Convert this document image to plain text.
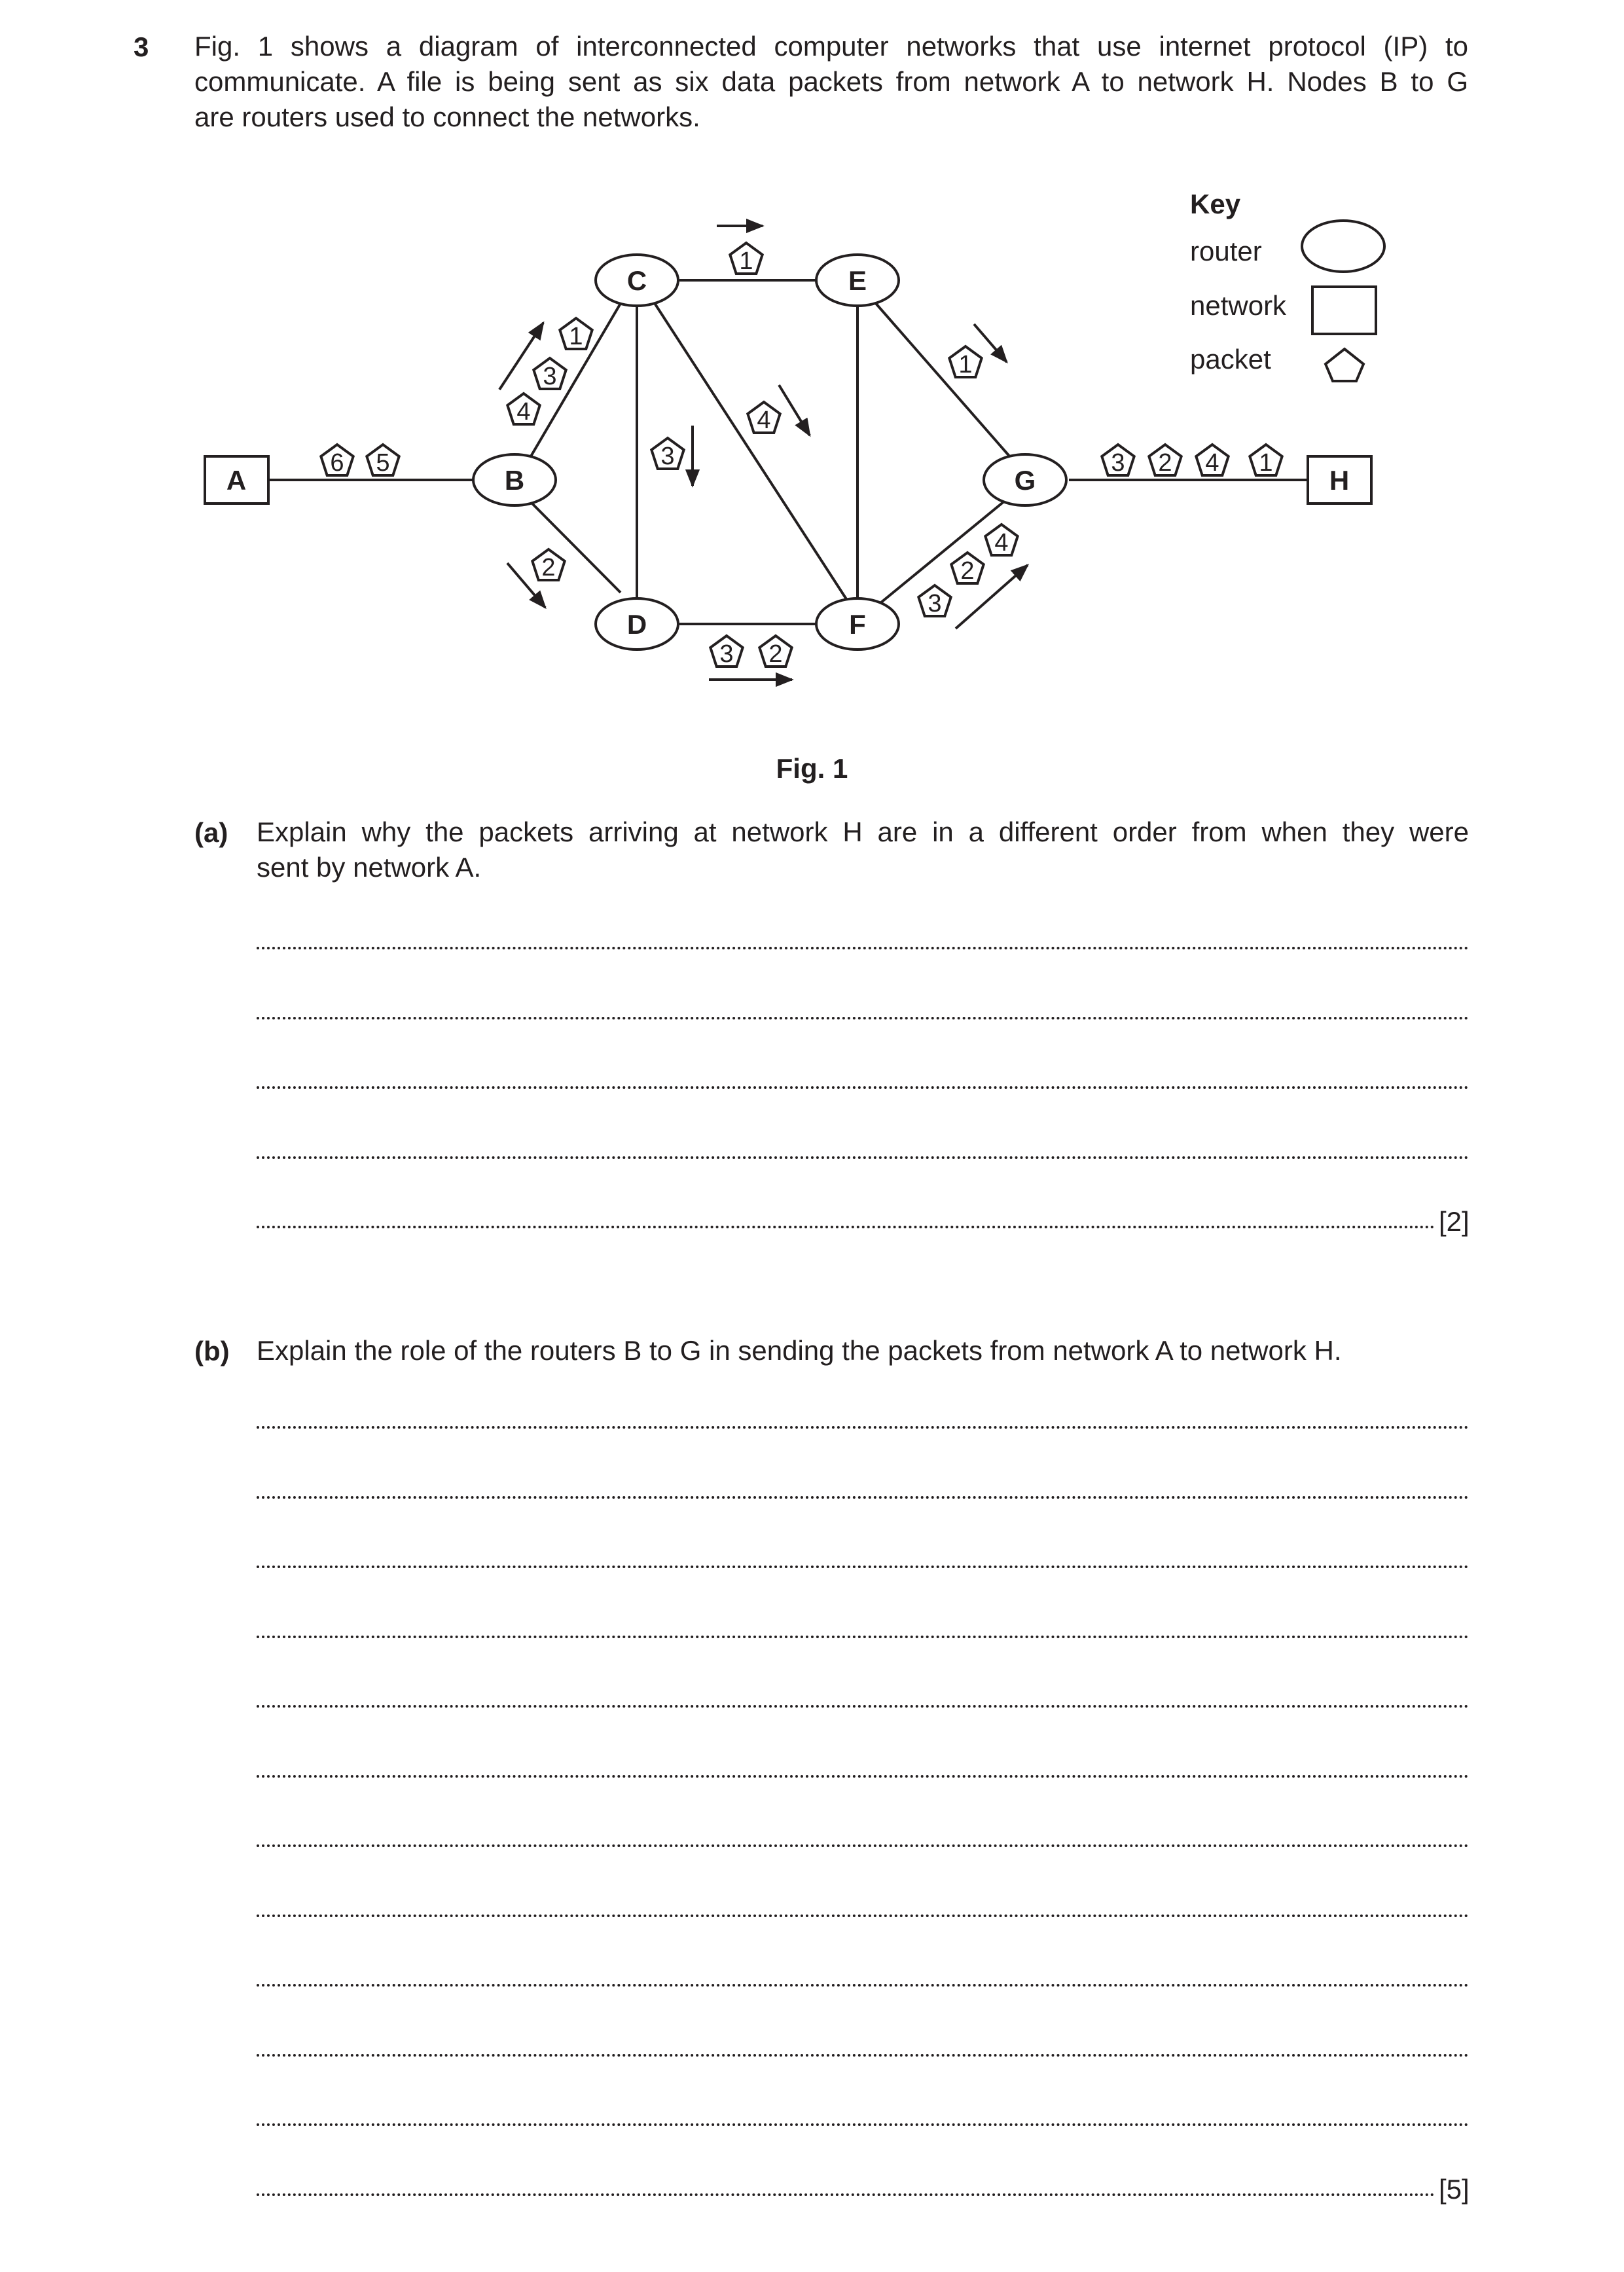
3 Fig. 1 shows a diagram of interconnected computer networks that use internet protocol (IP) to
communicate. A file is being sent as six data packets from network A to network H. Nodes B to G
are routers used to connect the networks.
A	H
B
C
D
E
F
G
6 5
1
3
4
2
1
3
4
3 2
1
4
2
3
3 2 4 1
Key
router
network
packet
Fig. 1
(a) Explain why the packets arriving at network H are in a different order from when they were
sent by network A.
[2]
(b) Explain the role of the routers B to G in sending the packets from network A to network H.
[5]
